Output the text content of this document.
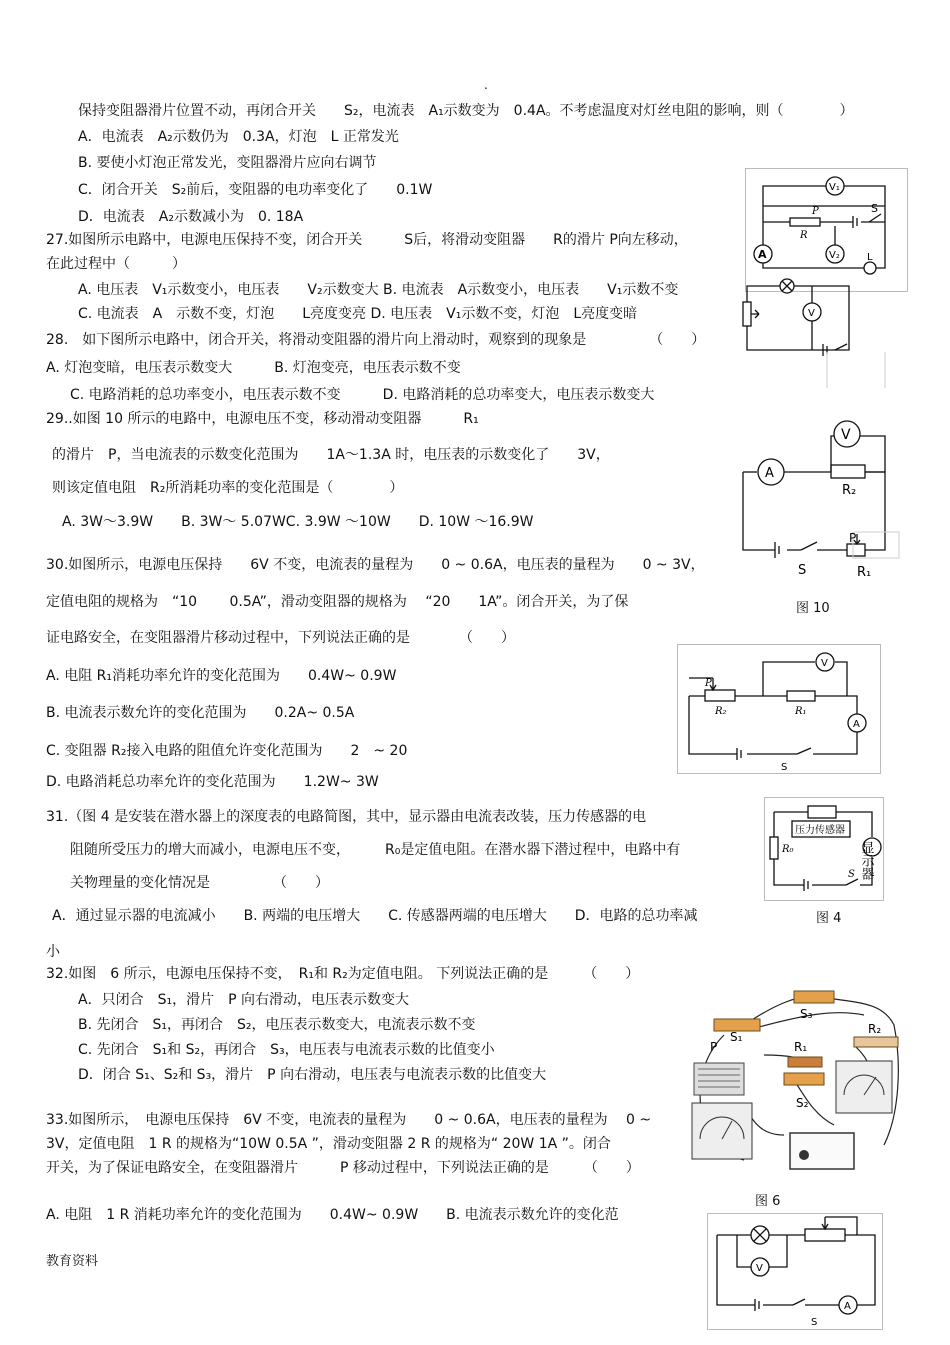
.
保持变阻器滑片位置不动，再闭合开关　　S₂，电流表　A₁示数变为　0.4A。不考虑温度对灯丝电阻的影响，则（　　　　）
A．电流表　A₂示数仍为　0.3A，灯泡　L 正常发光
B. 要使小灯泡正常发光，变阻器滑片应向右调节
C．闭合开关　S₂前后，变阻器的电功率变化了　　0.1W
D．电流表　A₂示数减小为　0. 18A
27.如图所示电路中，电源电压保持不变，闭合开关　　　S后，将滑动变阻器　　R的滑片 P向左移动，
在此过程中（　　　）
A. 电压表　V₁示数变小，电压表　　V₂示数变大 B. 电流表　A示数变小，电压表　　V₁示数不变
C. 电流表　A　示数不变，灯泡　　L亮度变亮 D. 电压表　V₁示数不变，灯泡　L亮度变暗
28.　如下图所示电路中，闭合开关，将滑动变阻器的滑片向上滑动时，观察到的现象是　　　　　（　　）
A. 灯泡变暗，电压表示数变大　　　B. 灯泡变亮，电压表示数不变
C. 电路消耗的总功率变小，电压表示数不变　　　D. 电路消耗的总功率变大，电压表示数变大
29..如图 10 所示的电路中，电源电压不变，移动滑动变阻器　　　R₁
的滑片　P，当电流表的示数变化范围为　　1A～1.3A 时，电压表的示数变化了　　3V，
则该定值电阻　R₂所消耗功率的变化范围是（　　　　）
A. 3W～3.9W　　B. 3W～ 5.07WC. 3.9W ～10W　　D. 10W ～16.9W
30.如图所示，电源电压保持　　6V 不变，电流表的量程为　　0 ~ 0.6A，电压表的量程为　　0 ~ 3V，
定值电阻的规格为　“10　　 0.5A”，滑动变阻器的规格为　 “20　　1A”。闭合开关，为了保
证电路安全，在变阻器滑片移动过程中，下列说法正确的是　　　　（　　）
A. 电阻 R₁消耗功率允许的变化范围为　　0.4W~ 0.9W
B. 电流表示数允许的变化范围为　　0.2A~ 0.5A
C. 变阻器 R₂接入电路的阻值允许变化范围为　　2　~ 20
D. 电路消耗总功率允许的变化范围为　　1.2W~ 3W
31.（图 4 是安装在潜水器上的深度表的电路简图，其中，显示器由电流表改装，压力传感器的电
阻随所受压力的增大而减小，电源电压不变，　　　R₀是定值电阻。在潜水器下潜过程中，电路中有
关物理量的变化情况是　　　　　（　　）
A．通过显示器的电流减小　　B. 两端的电压增大　　C. 传感器两端的电压增大　　D．电路的总功率减
小
32.如图　6 所示，电源电压保持不变，　R₁和 R₂为定值电阻。 下列说法正确的是　　　（　　）
A．只闭合　S₁，滑片　P 向右滑动，电压表示数变大
B. 先闭合　S₁，再闭合　S₂，电压表示数变大，电流表示数不变
C. 先闭合　S₁和 S₂，再闭合　S₃，电压表与电流表示数的比值变小
D．闭合 S₁、S₂和 S₃，滑片　P 向右滑动，电压表与电流表示数的比值变大
33.如图所示，　电源电压保持　6V 不变，电流表的量程为　　0 ~ 0.6A，电压表的量程为　 0 ~
3V，定值电阻　1 R 的规格为“10W 0.5A ”，滑动变阻器 2 R 的规格为“ 20W 1A ”。闭合
开关，为了保证电路安全，在变阻器滑片　　　P 移动过程中，下列说法正确的是　　　（　　）
A. 电阻　1 R 消耗功率允许的变化范围为　　0.4W~ 0.9W　　B. 电流表示数允许的变化范
V₁
P
R
S
A	V₂	L
V
V
A
R₂
P
S	R₁
图 10
V
P
R₂	R₁
A
S
压力传感器
R₀
S 显示器
图 4
S₁
S₃
P	R₁
R₂
S₂
图 6
V
A
S
教育资料
